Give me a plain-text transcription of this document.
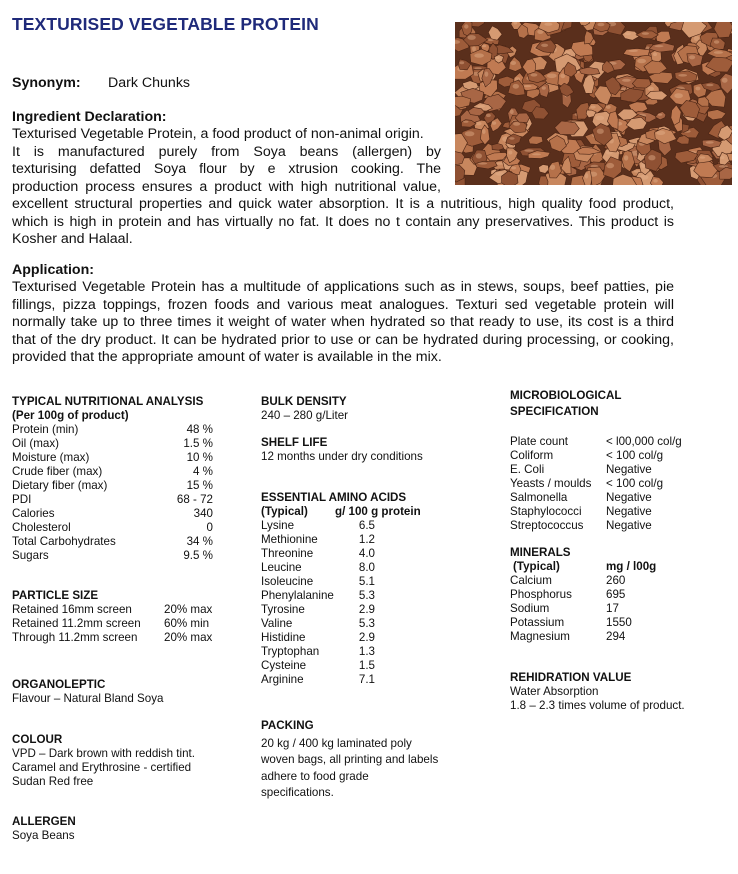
TEXTURISED VEGETABLE PROTEIN
Synonym: Dark Chunks
Ingredient Declaration:
Texturised Vegetable Protein, a food product of non-animal origin.
It is manufactured purely from Soya beans (allergen) by
texturising defatted Soya flour by e xtrusion cooking. The
production process ensures a product with high nutritional value,
excellent structural properties and quick water absorption. It is a nutritious, high quality food product, which is high in protein and has virtually no fat. It does no t contain any preservatives. This product is Kosher and Halaal.
Application:
Texturised Vegetable Protein has a multitude of applications such as in stews, soups, beef patties, pie fillings, pizza toppings, frozen foods and various meat analogues. Texturi sed vegetable protein will normally take up to three times it weight of water when hydrated so that ready to use, its cost is a third that of the dry product. It can be hydrated prior to use or can be hydrated during processing, or cooking, provided that the appropriate amount of water is available in the mix.
TYPICAL NUTRITIONAL ANALYSIS
(Per 100g of product)
Protein (min)	48 %
Oil (max)	1.5 %
Moisture (max)	10 %
Crude fiber (max)	4 %
Dietary fiber (max)	15 %
PDI	68 - 72
Calories	340
Cholesterol	0
Total Carbohydrates	34 %
Sugars	9.5 %
PARTICLE SIZE
Retained 16mm screen	20% max
Retained 11.2mm screen 60% min
Through 11.2mm screen 20% max
ORGANOLEPTIC
Flavour – Natural Bland Soya
COLOUR
VPD – Dark brown with reddish tint.
Caramel and Erythrosine - certified
Sudan Red free
ALLERGEN
Soya Beans
BULK DENSITY
240 – 280 g/Liter
SHELF LIFE
12 months under dry conditions
ESSENTIAL AMINO ACIDS
(Typical) g/ 100 g protein
Lysine	6.5
Methionine	1.2
Threonine	4.0
Leucine	8.0
Isoleucine	5.1
Phenylalanine 5.3
Tyrosine	2.9
Valine	5.3
Histidine	2.9
Tryptophan	1.3
Cysteine	1.5
Arginine	7.1
PACKING
20 kg / 400 kg laminated poly
woven bags, all printing and labels
adhere to food grade
specifications.
MICROBIOLOGICAL
SPECIFICATION
Plate count	< l00,000 col/g
Coliform	< 100 col/g
E. Coli	Negative
Yeasts / moulds < 100 col/g
Salmonella	Negative
Staphylococci Negative
Streptococcus Negative
MINERALS
(Typical)	mg / l00g
Calcium	260
Phosphorus	695
Sodium	17
Potassium	1550
Magnesium	294
REHIDRATION VALUE
Water Absorption
1.8 – 2.3 times volume of product.
